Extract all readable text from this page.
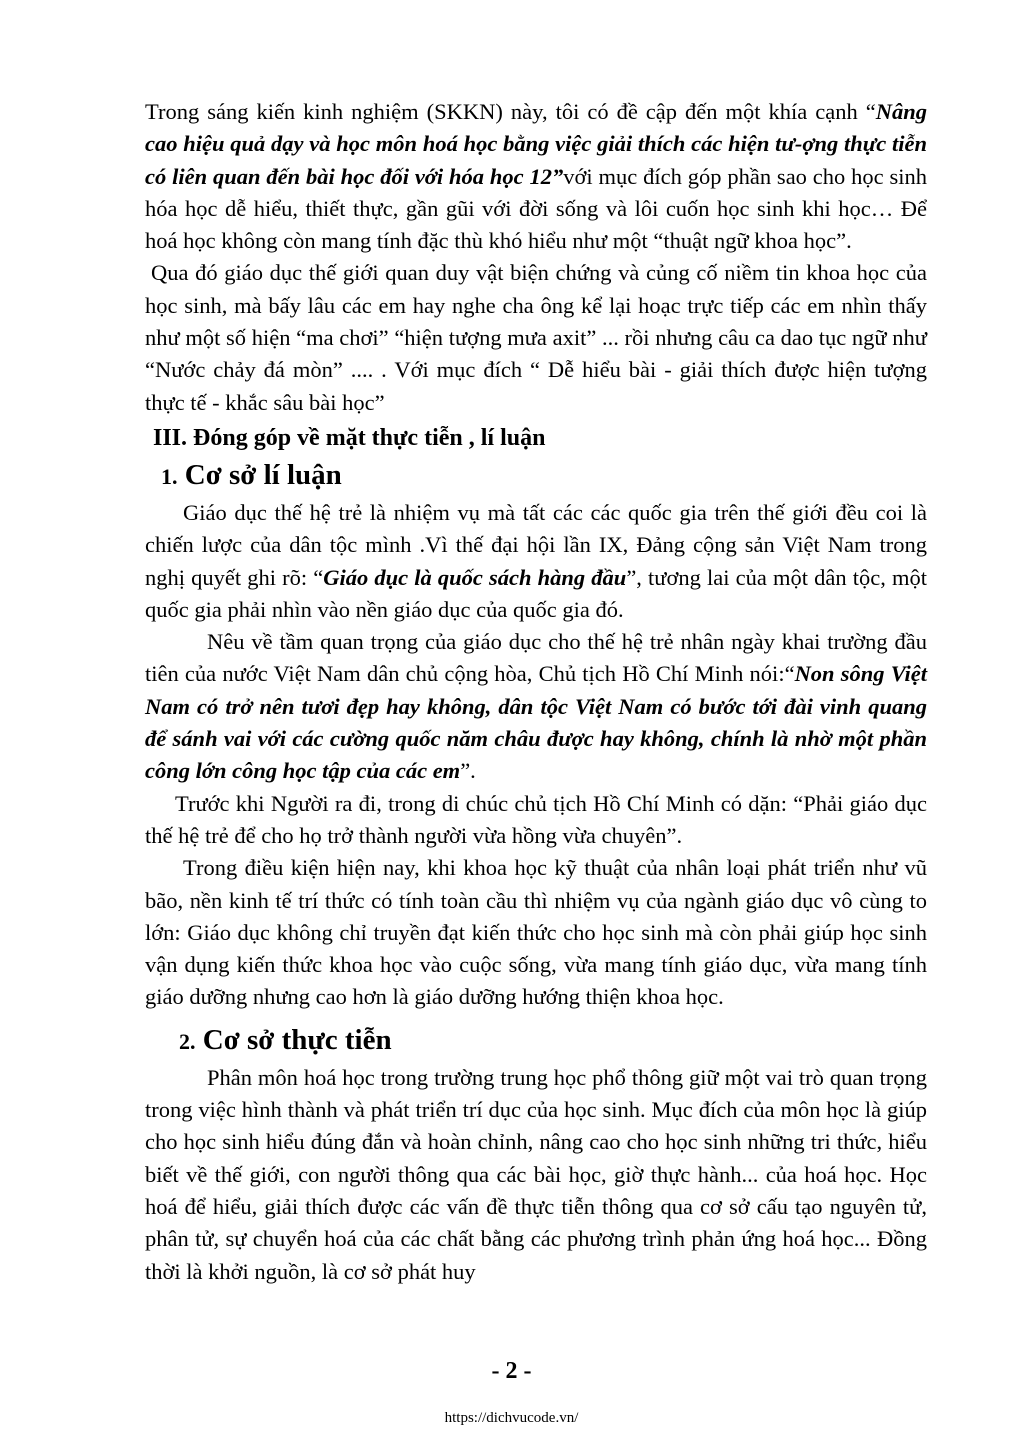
Trong sáng kiến kinh nghiệm (SKKN) này, tôi có đề cập đến một khía cạnh “Nâng cao hiệu quả dạy và học môn hoá học bằng việc giải thích các hiện tư-ợng thực tiễn có liên quan đến bài học đối với hóa học 12”với mục đích góp phần sao cho học sinh hóa học dễ hiểu, thiết thực, gần gũi với đời sống và lôi cuốn học sinh khi học… Để hoá học không còn mang tính đặc thù khó hiểu như một “thuật ngữ khoa học”.

Qua đó giáo dục thế giới quan duy vật biện chứng và củng cố niềm tin khoa học của học sinh, mà bấy lâu các em hay nghe cha ông kể lại hoạc trực tiếp các em nhìn thấy như một số hiện “ma chơi” “hiện tượng mưa axit” ... rồi nhưng câu ca dao tục ngữ như “Nước chảy đá mòn” .... . Với mục đích “ Dễ hiểu bài - giải thích được hiện tượng thực tế - khắc sâu bài học”

III. Đóng góp về mặt thực tiễn , lí luận
1. Cơ sở lí luận

Giáo dục thế hệ trẻ là nhiệm vụ mà tất các các quốc gia trên thế giới đều coi là chiến lược của dân tộc mình .Vì thế đại hội lần IX, Đảng cộng sản Việt Nam trong nghị quyết ghi rõ: “Giáo dục là quốc sách hàng đầu”, tương lai của một dân tộc, một quốc gia phải nhìn vào nền giáo dục của quốc gia đó.

Nêu về tầm quan trọng của giáo dục cho thế hệ trẻ nhân ngày khai trường đầu tiên của nước Việt Nam dân chủ cộng hòa, Chủ tịch Hồ Chí Minh nói:“Non sông Việt Nam có trở nên tươi đẹp hay không, dân tộc Việt Nam có bước tới đài vinh quang để sánh vai với các cường quốc năm châu được hay không, chính là nhờ một phần công lớn công học tập của các em”.

Trước khi Người ra đi, trong di chúc chủ tịch Hồ Chí Minh có dặn: “Phải giáo dục thế hệ trẻ để cho họ trở thành người vừa hồng vừa chuyên”.

Trong điều kiện hiện nay, khi khoa học kỹ thuật của nhân loại phát triển như vũ bão, nền kinh tế trí thức có tính toàn cầu thì nhiệm vụ của ngành giáo dục vô cùng to lớn: Giáo dục không chỉ truyền đạt kiến thức cho học sinh mà còn phải giúp học sinh vận dụng kiến thức khoa học vào cuộc sống, vừa mang tính giáo dục, vừa mang tính giáo dưỡng nhưng cao hơn là giáo dưỡng hướng thiện khoa học.

2. Cơ sở thực tiễn

Phân môn hoá học trong trường trung học phổ thông giữ một vai trò quan trọng trong việc hình thành và phát triển trí dục của học sinh. Mục đích của môn học là giúp cho học sinh hiểu đúng đắn và hoàn chỉnh, nâng cao cho học sinh những tri thức, hiểu biết về thế giới, con người thông qua các bài học, giờ thực hành... của hoá học. Học hoá để hiểu, giải thích được các vấn đề thực tiễn thông qua cơ sở cấu tạo nguyên tử, phân tử, sự chuyển hoá của các chất bằng các phương trình phản ứng hoá học... Đồng thời là khởi nguồn, là cơ sở phát huy

- 2 -
https://dichvucode.vn/
